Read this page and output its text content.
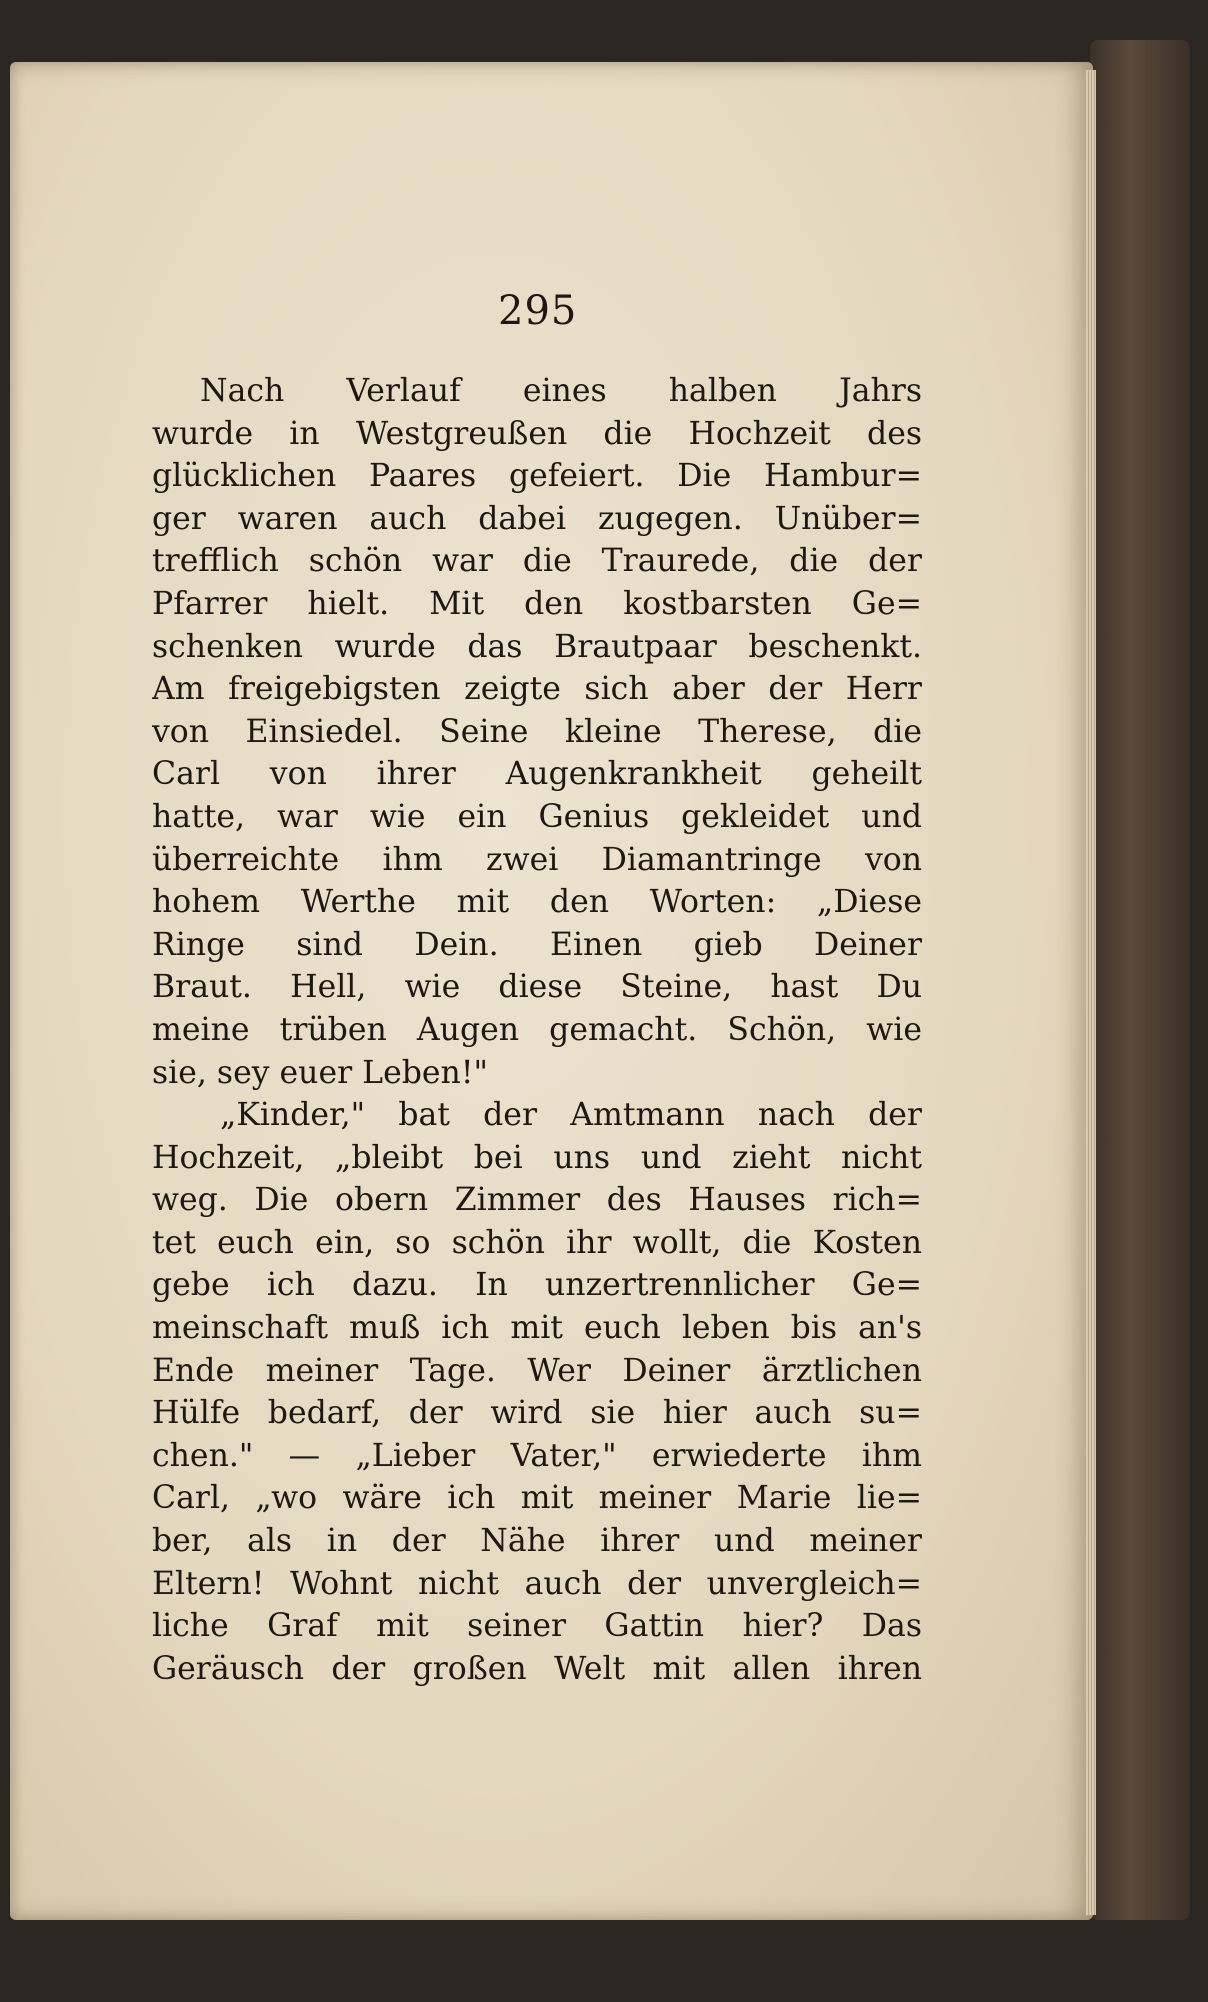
295
Nach Verlauf eines halben Jahrs
wurde in Westgreußen die Hochzeit des
glücklichen Paares gefeiert. Die Hambur=
ger waren auch dabei zugegen. Unüber=
trefflich schön war die Traurede, die der
Pfarrer hielt. Mit den kostbarsten Ge=
schenken wurde das Brautpaar beschenkt.
Am freigebigsten zeigte sich aber der Herr
von Einsiedel. Seine kleine Therese, die
Carl von ihrer Augenkrankheit geheilt
hatte, war wie ein Genius gekleidet und
überreichte ihm zwei Diamantringe von
hohem Werthe mit den Worten: „Diese
Ringe sind Dein. Einen gieb Deiner
Braut. Hell, wie diese Steine, hast Du
meine trüben Augen gemacht. Schön, wie
sie, sey euer Leben!"
„Kinder," bat der Amtmann nach der
Hochzeit, „bleibt bei uns und zieht nicht
weg. Die obern Zimmer des Hauses rich=
tet euch ein, so schön ihr wollt, die Kosten
gebe ich dazu. In unzertrennlicher Ge=
meinschaft muß ich mit euch leben bis an's
Ende meiner Tage. Wer Deiner ärztlichen
Hülfe bedarf, der wird sie hier auch su=
chen." — „Lieber Vater," erwiederte ihm
Carl, „wo wäre ich mit meiner Marie lie=
ber, als in der Nähe ihrer und meiner
Eltern! Wohnt nicht auch der unvergleich=
liche Graf mit seiner Gattin hier? Das
Geräusch der großen Welt mit allen ihren
